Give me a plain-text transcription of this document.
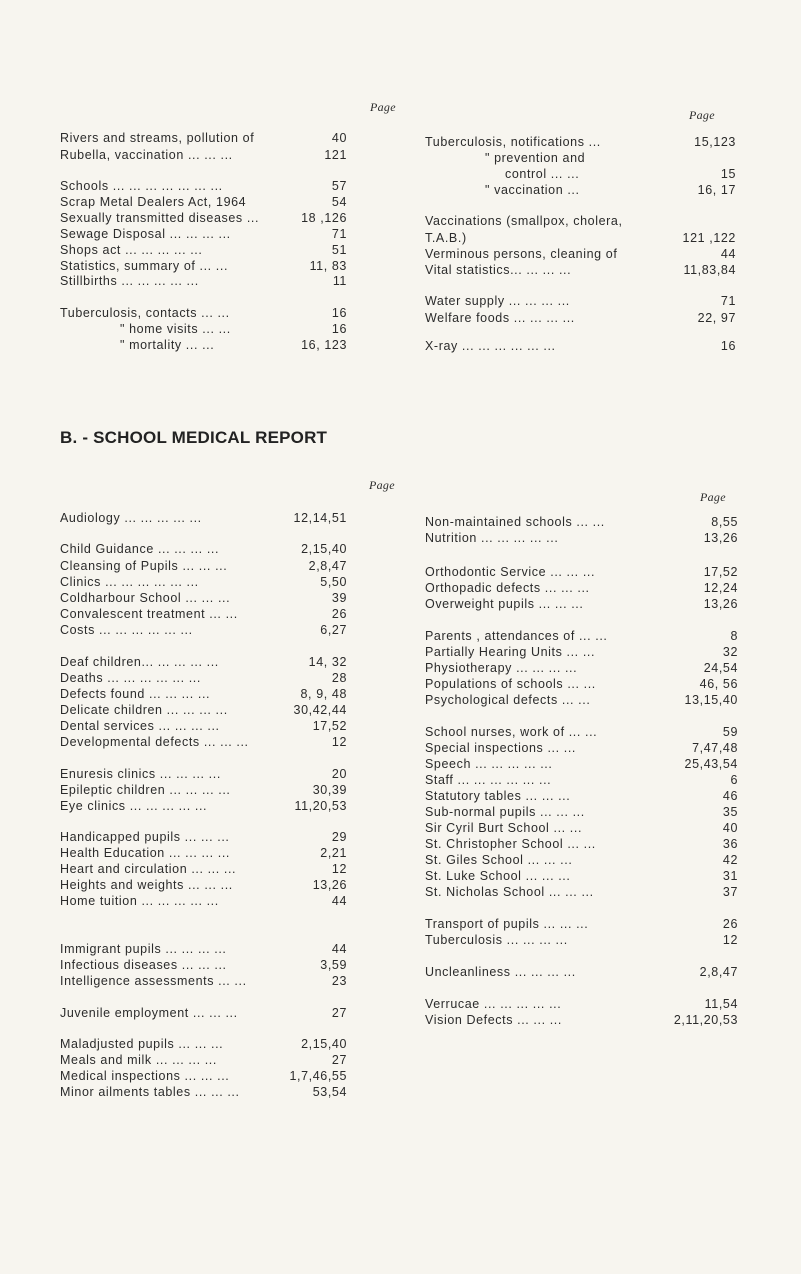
Page
Page
Rivers and streams, pollution of	40
Rubella, vaccination ... ... ...	121
Schools ... ... ... ... ... ... ...	57
Scrap Metal Dealers Act, 1964	54
Sexually transmitted diseases ...	18 ,126
Sewage Disposal ... ... ... ...	71
Shops act ... ... ... ... ...	51
Statistics, summary of ... ...	11, 83
Stillbirths ... ... ... ... ...	11
Tuberculosis, contacts ... ...	16
" home visits ... ...	16
" mortality ... ...	16, 123
Tuberculosis, notifications ...	15,123
" prevention and
control ... ...	15
" vaccination ...	16, 17
Vaccinations (smallpox, cholera,
T.A.B.)	121 ,122
Verminous persons, cleaning of	44
Vital statistics... ... ... ...	11,83,84
Water supply ... ... ... ...	71
Welfare foods ... ... ... ...	22, 97
X-ray ... ... ... ... ... ...	16
B. - SCHOOL MEDICAL REPORT
Page
Page
Audiology ... ... ... ... ...	12,14,51
Child Guidance ... ... ... ...	2,15,40
Cleansing of Pupils ... ... ...	2,8,47
Clinics ... ... ... ... ... ...	5,50
Coldharbour School ... ... ...	39
Convalescent treatment ... ...	26
Costs ... ... ... ... ... ...	6,27
Deaf children... ... ... ... ...	14, 32
Deaths ... ... ... ... ... ...	28
Defects found ... ... ... ...	8, 9, 48
Delicate children ... ... ... ...	30,42,44
Dental services ... ... ... ...	17,52
Developmental defects ... ... ...	12
Enuresis clinics ... ... ... ...	20
Epileptic children ... ... ... ...	30,39
Eye clinics ... ... ... ... ...	11,20,53
Handicapped pupils ... ... ...	29
Health Education ... ... ... ...	2,21
Heart and circulation ... ... ...	12
Heights and weights ... ... ...	13,26
Home tuition ... ... ... ... ...	44
Immigrant pupils ... ... ... ...	44
Infectious diseases ... ... ...	3,59
Intelligence assessments ... ...	23
Juvenile employment ... ... ...	27
Maladjusted pupils ... ... ...	2,15,40
Meals and milk ... ... ... ...	27
Medical inspections ... ... ...	1,7,46,55
Minor ailments tables ... ... ...	53,54
Non-maintained schools ... ...	8,55
Nutrition ... ... ... ... ...	13,26
Orthodontic Service ... ... ...	17,52
Orthopadic defects ... ... ...	12,24
Overweight pupils ... ... ...	13,26
Parents , attendances of ... ...	8
Partially Hearing Units ... ...	32
Physiotherapy ... ... ... ...	24,54
Populations of schools ... ...	46, 56
Psychological defects ... ...	13,15,40
School nurses, work of ... ...	59
Special inspections ... ...	7,47,48
Speech ... ... ... ... ...	25,43,54
Staff ... ... ... ... ... ...	6
Statutory tables ... ... ...	46
Sub-normal pupils ... ... ...	35
Sir Cyril Burt School ... ...	40
St. Christopher School ... ...	36
St. Giles School ... ... ...	42
St. Luke School ... ... ...	31
St. Nicholas School ... ... ...	37
Transport of pupils ... ... ...	26
Tuberculosis ... ... ... ...	12
Uncleanliness ... ... ... ...	2,8,47
Verrucae ... ... ... ... ...	11,54
Vision Defects ... ... ...	2,11,20,53
